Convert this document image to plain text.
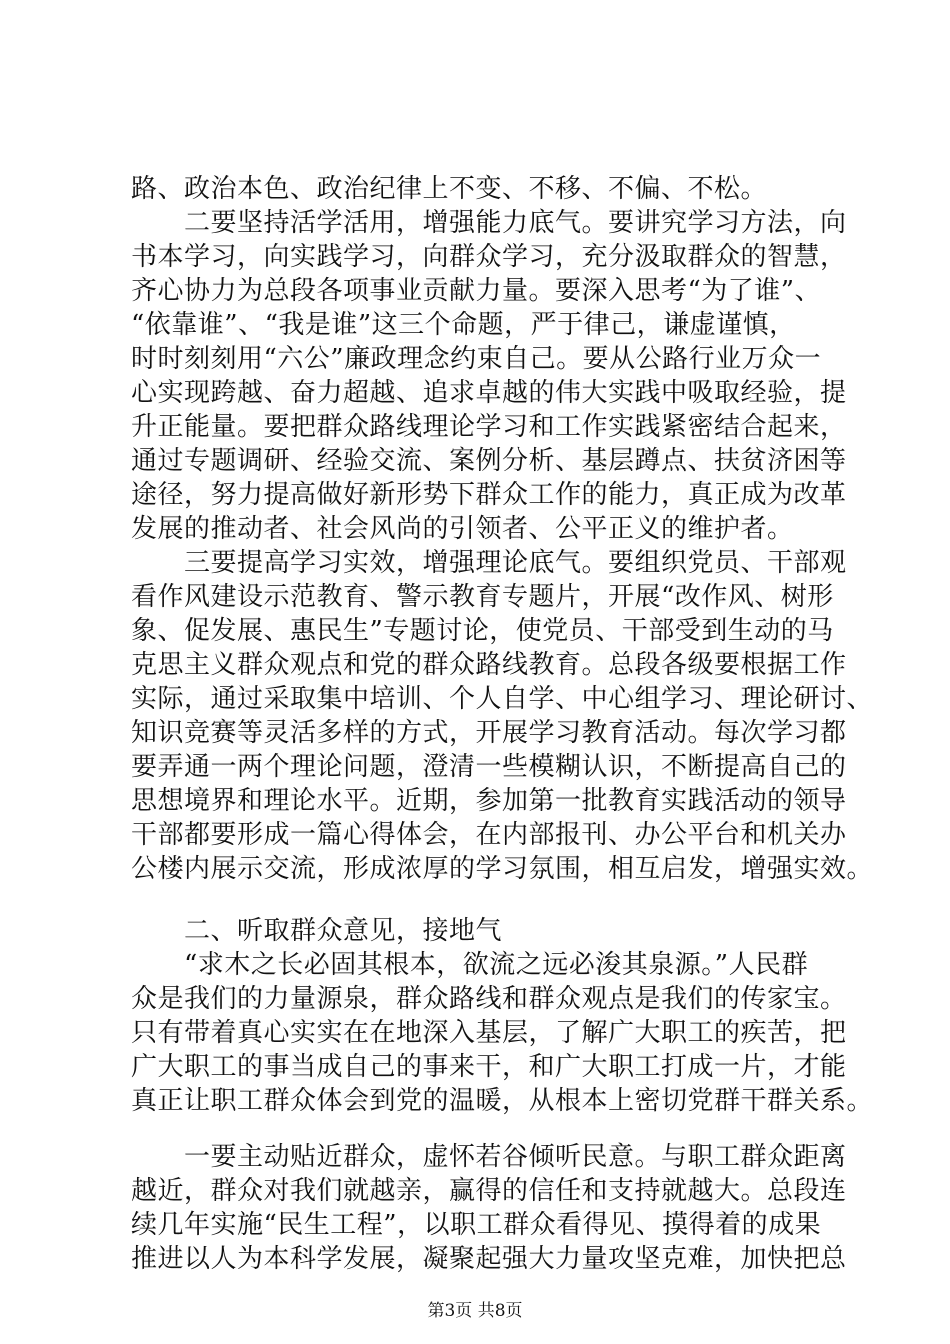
路、政治本色、政治纪律上不变、不移、不偏、不松。
　　二要坚持活学活用，增强能力底气。要讲究学习方法，向
书本学习，向实践学习，向群众学习，充分汲取群众的智慧，
齐心协力为总段各项事业贡献力量。要深入思考“为了谁”、
“依靠谁”、“我是谁”这三个命题，严于律己，谦虚谨慎，
时时刻刻用“六公”廉政理念约束自己。要从公路行业万众一
心实现跨越、奋力超越、追求卓越的伟大实践中吸取经验，提
升正能量。要把群众路线理论学习和工作实践紧密结合起来，
通过专题调研、经验交流、案例分析、基层蹲点、扶贫济困等
途径，努力提高做好新形势下群众工作的能力，真正成为改革
发展的推动者、社会风尚的引领者、公平正义的维护者。
　　三要提高学习实效，增强理论底气。要组织党员、干部观
看作风建设示范教育、警示教育专题片，开展“改作风、树形
象、促发展、惠民生”专题讨论，使党员、干部受到生动的马
克思主义群众观点和党的群众路线教育。总段各级要根据工作
实际，通过采取集中培训、个人自学、中心组学习、理论研讨、
知识竞赛等灵活多样的方式，开展学习教育活动。每次学习都
要弄通一两个理论问题，澄清一些模糊认识，不断提高自己的
思想境界和理论水平。近期，参加第一批教育实践活动的领导
干部都要形成一篇心得体会，在内部报刊、办公平台和机关办
公楼内展示交流，形成浓厚的学习氛围，相互启发，增强实效。
　　二、听取群众意见，接地气
　　“求木之长必固其根本，欲流之远必浚其泉源。”人民群
众是我们的力量源泉，群众路线和群众观点是我们的传家宝。
只有带着真心实实在在地深入基层，了解广大职工的疾苦，把
广大职工的事当成自己的事来干，和广大职工打成一片，才能
真正让职工群众体会到党的温暖，从根本上密切党群干群关系。
　　一要主动贴近群众，虚怀若谷倾听民意。与职工群众距离
越近，群众对我们就越亲，赢得的信任和支持就越大。总段连
续几年实施“民生工程”，以职工群众看得见、摸得着的成果
推进以人为本科学发展，凝聚起强大力量攻坚克难，加快把总
第3页 共8页
